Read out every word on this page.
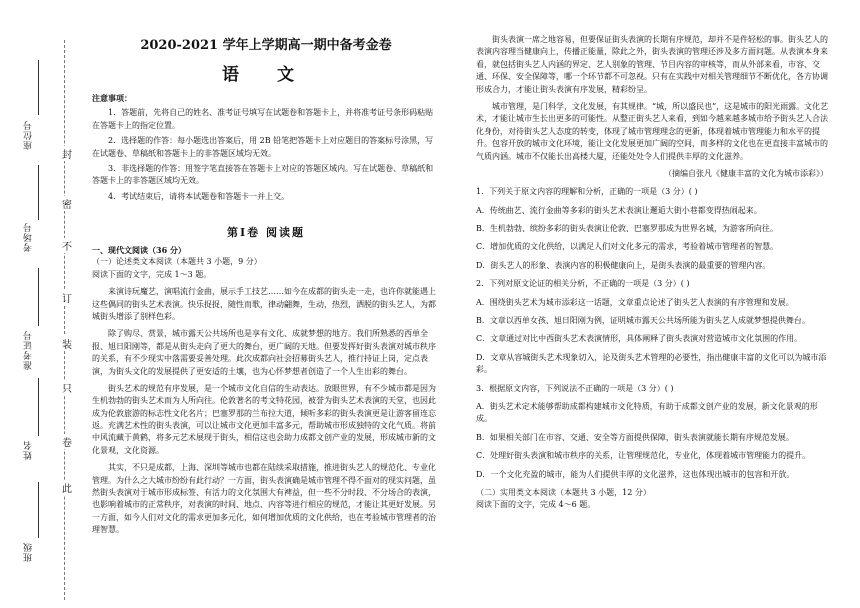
封
密
不
订
装
只
卷
此
座位号
考场号
准考证号
姓名
班级
2020-2021 学年上学期高一期中备考金卷
语 文

注意事项：

1．答题前，先将自己的姓名、准考证号填写在试题卷和答题卡上，并将准考证号条形码粘贴在答题卡上的指定位置。

2．选择题的作答：每小题选出答案后，用 2B 铅笔把答题卡上对应题目的答案标号涂黑，写在试题卷、草稿纸和答题卡上的非答题区域均无效。

3．非选择题的作答：用签字笔直接答在答题卡上对应的答题区域内。写在试题卷、草稿纸和答题卡上的非答题区域均无效。

4．考试结束后，请将本试题卷和答题卡一并上交。

第Ⅰ卷 阅读题

一、现代文阅读（36 分）

（一）论述类文本阅读（本题共 3 小题，9 分）

阅读下面的文字，完成 1～3 题。

来演诗玩魔艺，演唱流行金曲，展示手工技艺……如今在成都的街头走一走，也许你就能遇上这些偶同的街头艺术表演。快乐捉捉，随性而歌，律动翩舞，生动，热烈，洒脱的街头艺人，为都城街头增添了别样色彩。

除了购尽、赏景，城市露天公共场所也是享有文化、成就梦想的地方。我们所熟悉的西单全报、旭日阳刚等，都是从街头走向了更大的舞台，更广阔的天地。但要发挥好街头表演对城市秩序的关系，有不少现实中落需要妥善处理。此次成都向社会招募街头艺人，推行持证上岗，定点表演，为街头文化的发展提供了更安适的土壤，也为心怀梦想者创造了一个人生出彩的舞台。

街头艺术的规范有序发展，是一个城市文化自信的生动表达。放眼世界，有不少城市都是因为生机勃勃的街头艺术而为人所向往。伦敦著名的考文特花园，被誉为街头艺术表演的天堂，也因此成为伦敦旅游的标志性文化名片；巴塞罗那的兰布拉大道，倾听多彩的街头表演更是让游客留连忘返。充满艺术性的街头表演，可以让城市文化更加丰富多元，帮助城市形成独特的文化气质。将前中风流藏于黄鹤，将多元艺术展现于街头，相信这也会助力成都文创产业的发展，形成城市新的文化景观，文化资源。

其实，不只是成都，上海、深圳等城市也都在陆续采取措施，推进街头艺人的规范化、专业化管理。为什么之大城市纷纷有此行动？一方面，街头表演确是城市管理不得不面对的现实问题，虽然街头表演对于城市形成标签、有活力的文化氛围大有裨益，但一些不分时段、不分场合的表演，也影响着城市的正常秩序，对表演的时间、地点、内容等进行相应的规范，才能让其更好发展。另一方面，如今人们对文化的需求更加多元化，如何增加优质的文化供给，也在考验城市管理者的治理智慧。

街头表演一席之地容易，但要保证街头表演的长期有序规范，却并不是件轻松的事。街头艺人的表演内容理当健康向上，传播正能量，除此之外，街头表演的管理还涉及多方面问题。从表演本身来看，就包括街头艺人内涵的界定、艺人别象的管理、节目内容的审核等，而从外部来看，市容、交通、环保、安全保障等，哪一个环节都不可忽视。只有在实践中对相关管理细节不断优化，各方协调形成合力，才能让街头表演有序发展，精彩纷呈。

城市管理，是门科学，文化发展，有其规律。“城，所以盛民也”，这是城市的阳光雨露。文化艺术，才能让城市生长出更多的可能性。从整正街头艺人来看，到如今越来越多城市给予街头艺人合法化身份，对待街头艺人态度的转变，体现了城市管理理念的更新，体现着城市管理能力和水平的提升。包容开放的城市文化环境，能让文化发展更加广阔的空间，而多样的文化也在更直接丰富城市的气质内涵。城市不仅能长出高楼大厦，还能处处令人们提供丰厚的文化滋养。

（摘编自张凡《健康丰富的文化为城市添彩》）

1．下列关于原文内容的理解和分析，正确的一项是（3 分）( )

A．传统曲艺、流行金曲等多彩的街头艺术表演让邂逅大街小巷都变得热闹起来。

B．生机勃勃、缤纷多彩的街头表演让伦敦、巴塞罗那成为世界名城，为游客所向往。

C．增加优质的文化供给，以满足人们对文化多元的需求，考验着城市管理者的智慧。

D．街头艺人的形象、表演内容的积极健康向上，是街头表演的最重要的管理内容。

2．下列对原文论证的相关分析，不正确的一项是（3 分）( )

A．围绕街头艺术为城市添彩这一话题，文章重点论述了街头艺人表演的有序管理和发展。

B．文章以西单女孩、旭日阳刚为例，证明城市露天公共场所能为街头艺人成就梦想提供舞台。

C．文章通过对比中西街头艺术表演情形，具体阐释了街头表演对营造城市文化氛围的作用。

D．文章从容城街头艺术现象切入，论及街头艺术管理的必要性，指出健康丰富的文化可以为城市添彩。

3．根据原文内容，下列说法不正确的一项是（3 分）( )

A．街头艺术定术能够帮助成都构建城市文化特质，有助于成都文创产业的发展，新文化景观的形成。

B．如果相关部门在市容、交通、安全等方面提供保障，街头表演就能长期有序规范发展。

C．处理好街头表演和城市秩序的关系，让管理规范化，专业化，体现着城市管理能力的提升。

D．一个文化充盈的城市，能为人们提供丰厚的文化滋养，这也体现出城市的包容和开放。

（二）实用类文本阅读（本题共 3 小题，12 分）

阅读下面的文字，完成 4～6 题。
